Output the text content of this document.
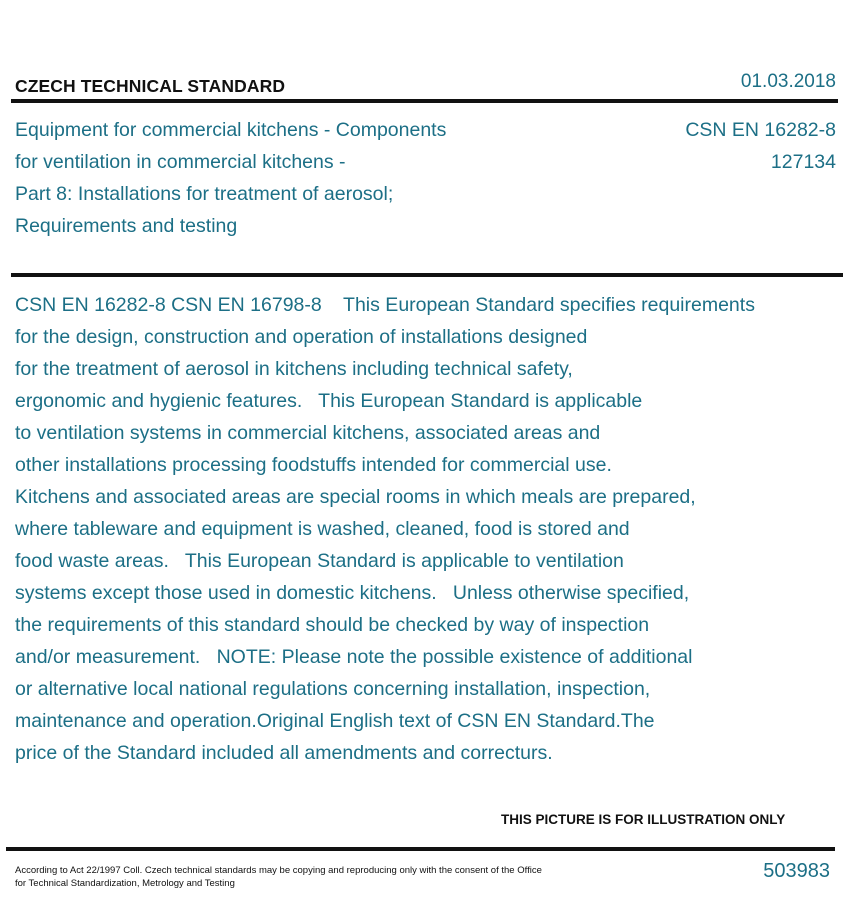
CZECH TECHNICAL STANDARD	01.03.2018
Equipment for commercial kitchens - Components
for ventilation in commercial kitchens -
Part 8: Installations for treatment of aerosol;
Requirements and testing
CSN EN 16282-8
127134
CSN EN 16282-8 CSN EN 16798-8    This European Standard specifies requirements
for the design, construction and operation of installations designed
for the treatment of aerosol in kitchens including technical safety,
ergonomic and hygienic features.   This European Standard is applicable
to ventilation systems in commercial kitchens, associated areas and
other installations processing foodstuffs intended for commercial use.
Kitchens and associated areas are special rooms in which meals are prepared,
where tableware and equipment is washed, cleaned, food is stored and
food waste areas.   This European Standard is applicable to ventilation
systems except those used in domestic kitchens.   Unless otherwise specified,
the requirements of this standard should be checked by way of inspection
and/or measurement.   NOTE: Please note the possible existence of additional
or alternative local national regulations concerning installation, inspection,
maintenance and operation.Original English text of CSN EN Standard.The
price of the Standard included all amendments and correcturs.
THIS PICTURE IS FOR ILLUSTRATION ONLY
According to Act 22/1997 Coll. Czech technical standards may be copying and reproducing only with the consent of the Office
for Technical Standardization, Metrology and Testing
503983
